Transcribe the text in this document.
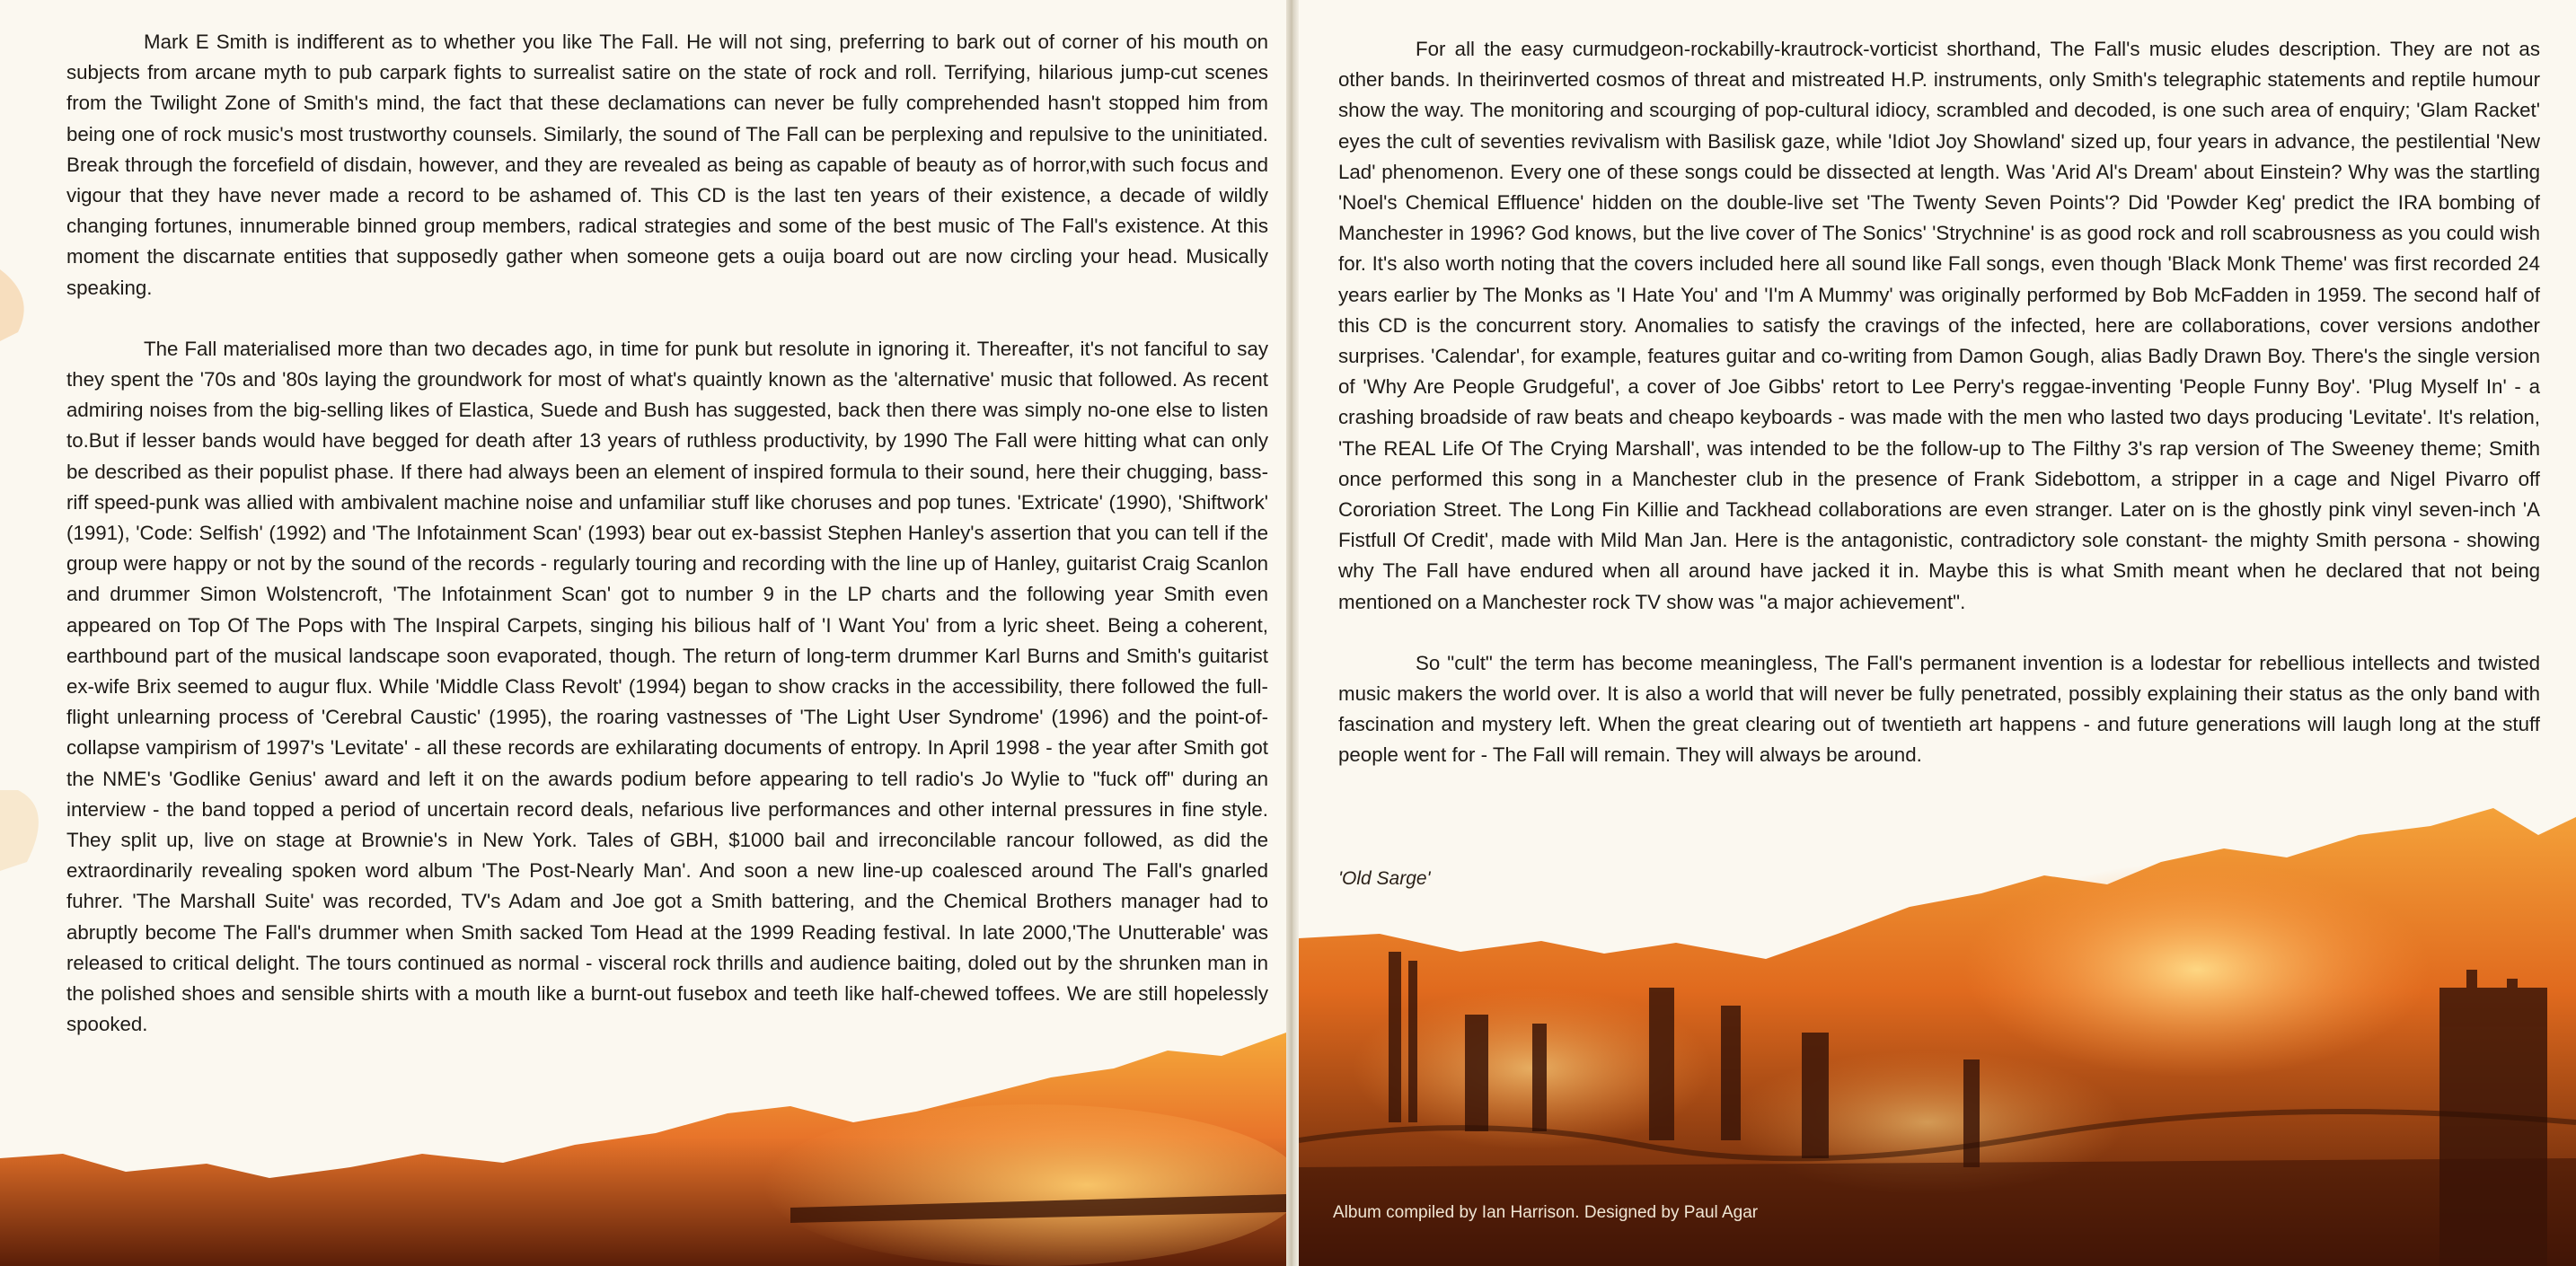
Mark E Smith is indifferent as to whether you like The Fall. He will not sing, preferring to bark out of corner of his mouth on subjects from arcane myth to pub carpark fights to surrealist satire on the state of rock and roll. Terrifying, hilarious jump-cut scenes from the Twilight Zone of Smith's mind, the fact that these declamations can never be fully comprehended hasn't stopped him from being one of rock music's most trustworthy counsels. Similarly, the sound of The Fall can be perplexing and repulsive to the uninitiated. Break through the forcefield of disdain, however, and they are revealed as being as capable of beauty as of horror,with such focus and vigour that they have never made a record to be ashamed of. This CD is the last ten years of their existence, a decade of wildly changing fortunes, innumerable binned group members, radical strategies and some of the best music of The Fall's existence. At this moment the discarnate entities that supposedly gather when someone gets a ouija board out are now circling your head. Musically speaking.

The Fall materialised more than two decades ago, in time for punk but resolute in ignoring it. Thereafter, it's not fanciful to say they spent the '70s and '80s laying the groundwork for most of what's quaintly known as the 'alternative' music that followed. As recent admiring noises from the big-selling likes of Elastica, Suede and Bush has suggested, back then there was simply no-one else to listen to.But if lesser bands would have begged for death after 13 years of ruthless productivity, by 1990 The Fall were hitting what can only be described as their populist phase. If there had always been an element of inspired formula to their sound, here their chugging, bass-riff speed-punk was allied with ambivalent machine noise and unfamiliar stuff like choruses and pop tunes. 'Extricate' (1990), 'Shiftwork' (1991), 'Code: Selfish' (1992) and 'The Infotainment Scan' (1993) bear out ex-bassist Stephen Hanley's assertion that you can tell if the group were happy or not by the sound of the records - regularly touring and recording with the line up of Hanley, guitarist Craig Scanlon and drummer Simon Wolstencroft, 'The Infotainment Scan' got to number 9 in the LP charts and the following year Smith even appeared on Top Of The Pops with The Inspiral Carpets, singing his bilious half of 'I Want You' from a lyric sheet. Being a coherent, earthbound part of the musical landscape soon evaporated, though. The return of long-term drummer Karl Burns and Smith's guitarist ex-wife Brix seemed to augur flux. While 'Middle Class Revolt' (1994) began to show cracks in the accessibility, there followed the full-flight unlearning process of 'Cerebral Caustic' (1995), the roaring vastnesses of 'The Light User Syndrome' (1996) and the point-of-collapse vampirism of 1997's 'Levitate' - all these records are exhilarating documents of entropy. In April 1998 - the year after Smith got the NME's 'Godlike Genius' award and left it on the awards podium before appearing to tell radio's Jo Wylie to "fuck off" during an interview - the band topped a period of uncertain record deals, nefarious live performances and other internal pressures in fine style. They split up, live on stage at Brownie's in New York. Tales of GBH, $1000 bail and irreconcilable rancour followed, as did the extraordinarily revealing spoken word album 'The Post-Nearly Man'. And soon a new line-up coalesced around The Fall's gnarled fuhrer. 'The Marshall Suite' was recorded, TV's Adam and Joe got a Smith battering, and the Chemical Brothers manager had to abruptly become The Fall's drummer when Smith sacked Tom Head at the 1999 Reading festival. In late 2000,'The Unutterable' was released to critical delight. The tours continued as normal - visceral rock thrills and audience baiting, doled out by the shrunken man in the polished shoes and sensible shirts with a mouth like a burnt-out fusebox and teeth like half-chewed toffees. We are still hopelessly spooked.

For all the easy curmudgeon-rockabilly-krautrock-vorticist shorthand, The Fall's music eludes description. They are not as other bands. In theirinverted cosmos of threat and mistreated H.P. instruments, only Smith's telegraphic statements and reptile humour show the way. The monitoring and scourging of pop-cultural idiocy, scrambled and decoded, is one such area of enquiry; 'Glam Racket' eyes the cult of seventies revivalism with Basilisk gaze, while 'Idiot Joy Showland' sized up, four years in advance, the pestilential 'New Lad' phenomenon. Every one of these songs could be dissected at length. Was 'Arid Al's Dream' about Einstein? Why was the startling 'Noel's Chemical Effluence' hidden on the double-live set 'The Twenty Seven Points'? Did 'Powder Keg' predict the IRA bombing of Manchester in 1996? God knows, but the live cover of The Sonics' 'Strychnine' is as good rock and roll scabrousness as you could wish for. It's also worth noting that the covers included here all sound like Fall songs, even though 'Black Monk Theme' was first recorded 24 years earlier by The Monks as 'I Hate You' and 'I'm A Mummy' was originally performed by Bob McFadden in 1959. The second half of this CD is the concurrent story. Anomalies to satisfy the cravings of the infected, here are collaborations, cover versions andother surprises. 'Calendar', for example, features guitar and co-writing from Damon Gough, alias Badly Drawn Boy. There's the single version of 'Why Are People Grudgeful', a cover of Joe Gibbs' retort to Lee Perry's reggae-inventing 'People Funny Boy'. 'Plug Myself In' - a crashing broadside of raw beats and cheapo keyboards - was made with the men who lasted two days producing 'Levitate'. It's relation, 'The REAL Life Of The Crying Marshall', was intended to be the follow-up to The Filthy 3's rap version of The Sweeney theme; Smith once performed this song in a Manchester club in the presence of Frank Sidebottom, a stripper in a cage and Nigel Pivarro off Cororiation Street. The Long Fin Killie and Tackhead collaborations are even stranger. Later on is the ghostly pink vinyl seven-inch 'A Fistfull Of Credit', made with Mild Man Jan. Here is the antagonistic, contradictory sole constant- the mighty Smith persona - showing why The Fall have endured when all around have jacked it in. Maybe this is what Smith meant when he declared that not being mentioned on a Manchester rock TV show was "a major achievement".

So "cult" the term has become meaningless, The Fall's permanent invention is a lodestar for rebellious intellects and twisted music makers the world over. It is also a world that will never be fully penetrated, possibly explaining their status as the only band with fascination and mystery left. When the great clearing out of twentieth art happens - and future generations will laugh long at the stuff people went for - The Fall will remain. They will always be around.

'Old Sarge'
Album compiled by Ian Harrison. Designed by Paul Agar
